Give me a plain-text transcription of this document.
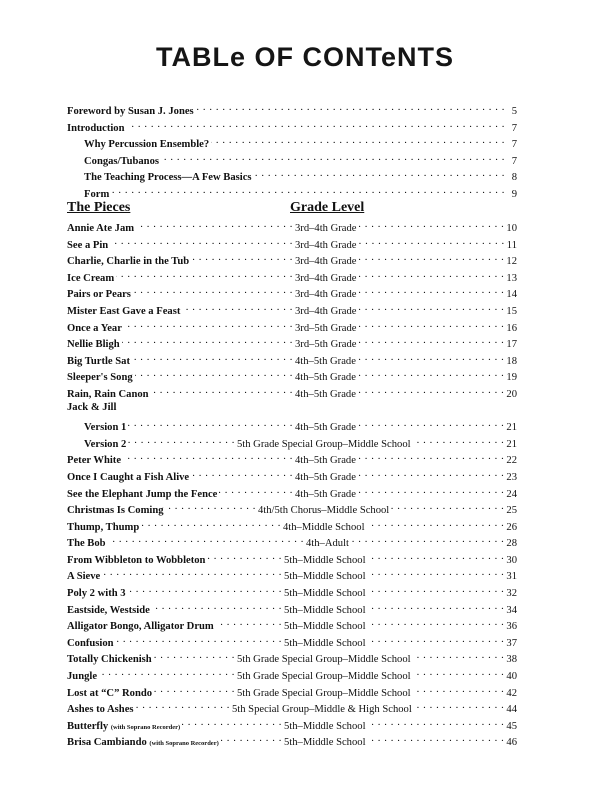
TABLe OF CONTeNTS
Foreword by Susan J. Jones . . .	5
Introduction . . .	7
Why Percussion Ensemble? . . .	7
Congas/Tubanos . . .	7
The Teaching Process—A Few Basics . . .	8
Form . . .	9
The Pieces	Grade Level
Annie Ate Jam . . .	3rd–4th Grade . . .	10
See a Pin . . .	3rd–4th Grade . . .	11
Charlie, Charlie in the Tub . . .	3rd–4th Grade . . .	12
Ice Cream . . .	3rd–4th Grade . . .	13
Pairs or Pears . . .	3rd–4th Grade . . .	14
Mister East Gave a Feast . . .	3rd–4th Grade . . .	15
Once a Year . . .	3rd–5th Grade . . .	16
Nellie Bligh . . .	3rd–5th Grade . . .	17
Big Turtle Sat . . .	4th–5th Grade . . .	18
Sleeper's Song . . .	4th–5th Grade . . .	19
Rain, Rain Canon . . .	4th–5th Grade . . .	20
Jack & Jill
Version 1 . . .	4th–5th Grade . . .	21
Version 2 . . .	5th Grade Special Group–Middle School . . .	21
Peter White . . .	4th–5th Grade . . .	22
Once I Caught a Fish Alive . . .	4th–5th Grade . . .	23
See the Elephant Jump the Fence . . .	4th–5th Grade . . .	24
Christmas Is Coming . . .	4th/5th Chorus–Middle School . . .	25
Thump, Thump . . .	4th–Middle School . . .	26
The Bob . . .	4th–Adult . . .	28
From Wibbleton to Wobbleton . . .	5th–Middle School . . .	30
A Sieve . . .	5th–Middle School . . .	31
Poly 2 with 3 . . .	5th–Middle School . . .	32
Eastside, Westside . . .	5th–Middle School . . .	34
Alligator Bongo, Alligator Drum . . .	5th–Middle School . . .	36
Confusion . . .	5th–Middle School . . .	37
Totally Chickenish . . .	5th Grade Special Group–Middle School . . .	38
Jungle . . .	5th Grade Special Group–Middle School . . .	40
Lost at “C” Rondo . . .	5th Grade Special Group–Middle School . . .	42
Ashes to Ashes . . .	5th Special Group–Middle & High School . . .	44
Butterfly (with Soprano Recorder) . . .	5th–Middle School . . .	45
Brisa Cambiando (with Soprano Recorder) . . .	5th–Middle School . . .	46
